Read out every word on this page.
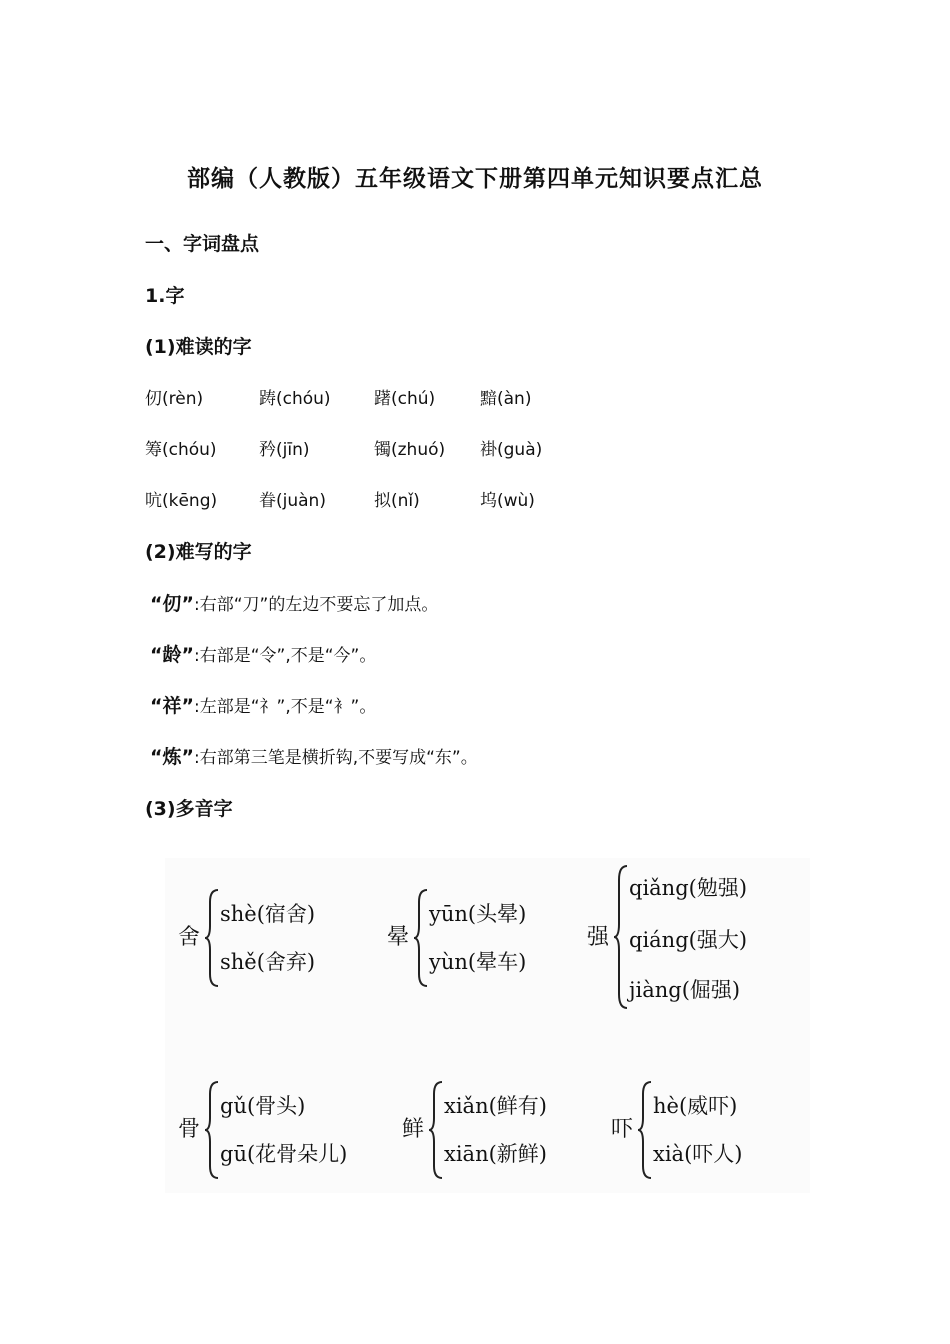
部编（人教版）五年级语文下册第四单元知识要点汇总
一、字词盘点
1.字
(1)难读的字
仞(rèn)	踌(chóu)	躇(chú)	黯(àn)
筹(chóu) 矜(jīn)	镯(zhuó) 褂(guà)
吭(kēng) 眷(juàn)	拟(nǐ)	坞(wù)
(2)难写的字
“仞”:右部“刀”的左边不要忘了加点。
“龄”:右部是“令”,不是“今”。
“祥”:左部是“礻”,不是“衤”。
“炼”:右部第三笔是横折钩,不要写成“东”。
(3)多音字
舍
shè(宿舍)
shě(舍弃)
晕
yūn(头晕)
yùn(晕车)
强
qiǎng(勉强)
qiáng(强大)
jiàng(倔强)
骨
gǔ(骨头)
gū(花骨朵儿)
鲜
xiǎn(鲜有)
xiān(新鲜)
吓
hè(威吓)
xià(吓人)
